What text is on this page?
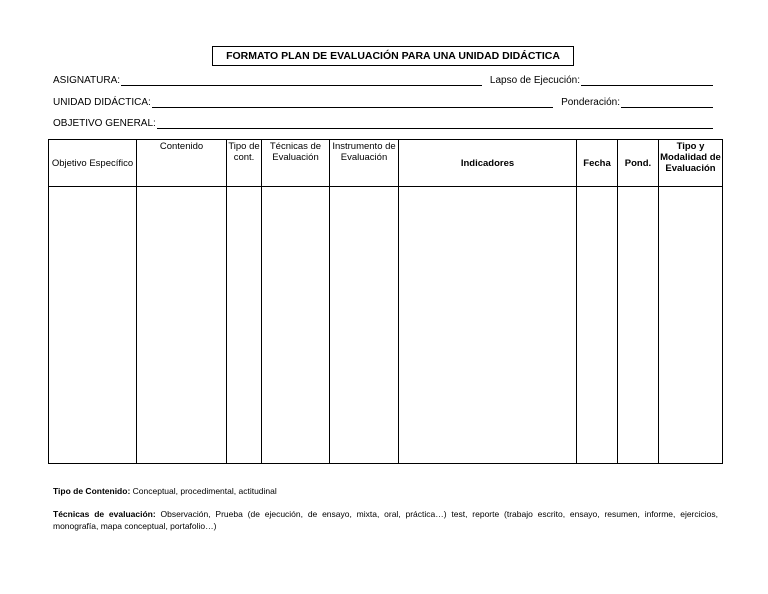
FORMATO PLAN DE EVALUACIÓN PARA UNA UNIDAD DIDÁCTICA
ASIGNATURA:	Lapso de Ejecución:
UNIDAD DIDÁCTICA:	Ponderación:
OBJETIVO GENERAL:
Objetivo Específico	Contenido	Tipo de cont.	Técnicas de Evaluación	Instrumento de Evaluación	Indicadores	Fecha	Pond.	Tipo y Modalidad de Evaluación

Tipo de Contenido: Conceptual, procedimental, actitudinal
Técnicas de evaluación: Observación, Prueba (de ejecución, de ensayo, mixta, oral, práctica…) test, reporte (trabajo escrito, ensayo, resumen, informe, ejercicios, monografía, mapa conceptual, portafolio…)
